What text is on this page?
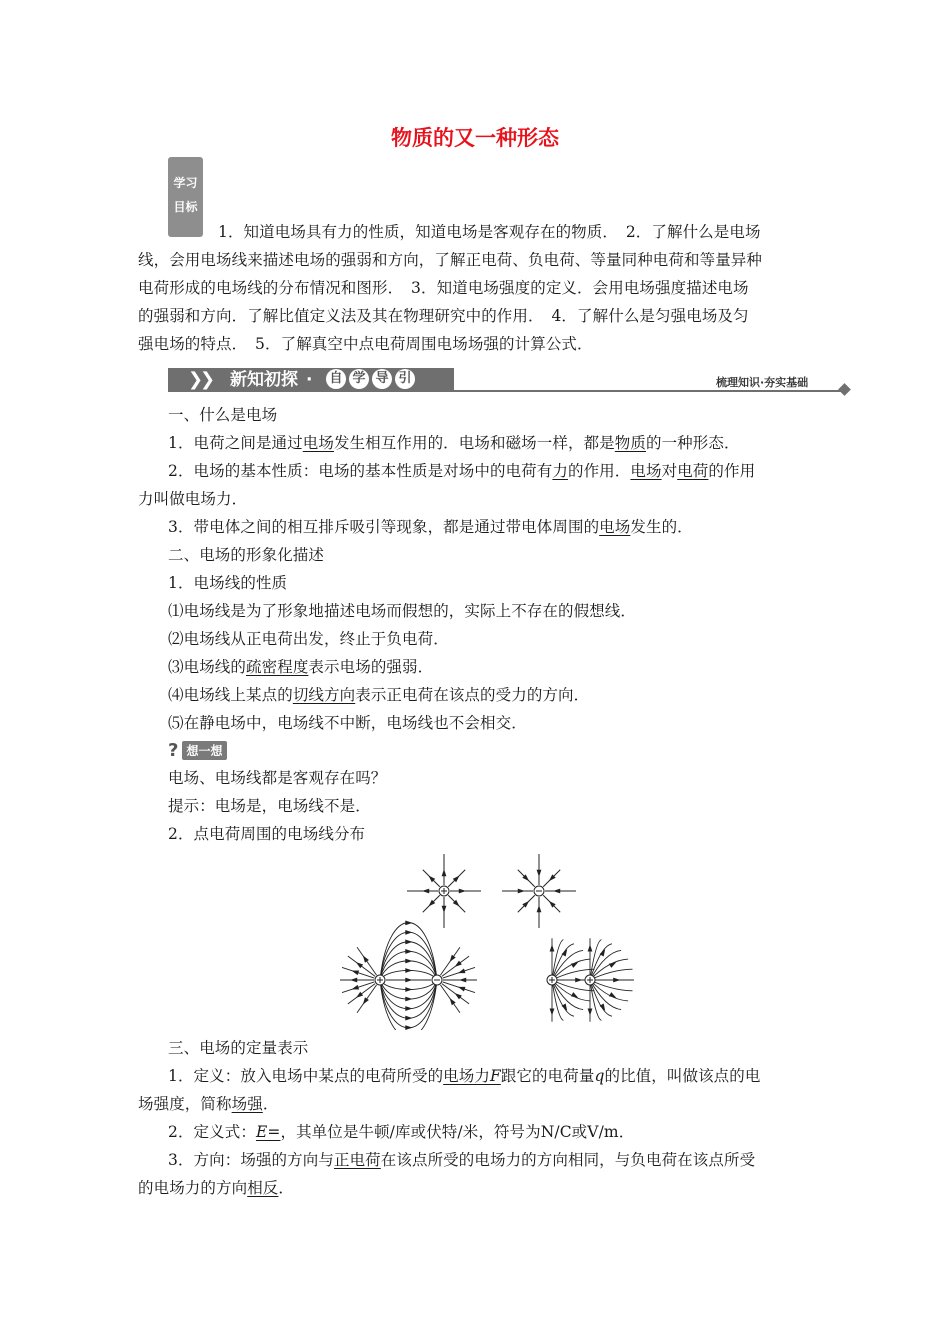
物质的又一种形态
学习
目标

1．知道电场具有力的性质，知道电场是客观存在的物质．　2．了解什么是电场

线，会用电场线来描述电场的强弱和方向，了解正电荷、负电荷、等量同种电荷和等量异种

电荷形成的电场线的分布情况和图形．　3．知道电场强度的定义．会用电场强度描述电场

的强弱和方向．了解比值定义法及其在物理研究中的作用．　4．了解什么是匀强电场及匀

强电场的特点．　5．了解真空中点电荷周围电场场强的计算公式．

❯
❯ 新知初探 · 自 学 导 引	梳理知识·夯实基础

一、什么是电场

1．电荷之间是通过电场发生相互作用的．电场和磁场一样，都是物质的一种形态．

2．电场的基本性质：电场的基本性质是对场中的电荷有力的作用．电场对电荷的作用

力叫做电场力．

3．带电体之间的相互排斥吸引等现象，都是通过带电体周围的电场发生的．

二、电场的形象化描述

1．电场线的性质

⑴电场线是为了形象地描述电场而假想的，实际上不存在的假想线．

⑵电场线从正电荷出发，终止于负电荷．

⑶电场线的疏密程度表示电场的强弱．

⑷电场线上某点的切线方向表示正电荷在该点的受力的方向．

⑸在静电场中，电场线不中断，电场线也不会相交．

? 想 一 想

电场、电场线都是客观存在吗？

提示：电场是，电场线不是．

2．点电荷周围的电场线分布

三、电场的定量表示

1．定义：放入电场中某点的电荷所受的电场力F跟它的电荷量q的比值，叫做该点的电

场强度，简称场强．

2．定义式：E=，其单位是牛顿/库或伏特/米，符号为N/C或V/m．

3．方向：场强的方向与正电荷在该点所受的电场力的方向相同，与负电荷在该点所受

的电场力的方向相反．
